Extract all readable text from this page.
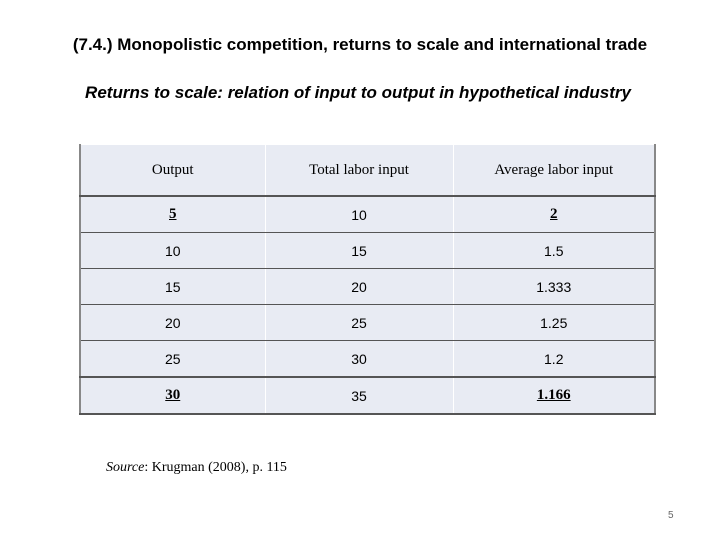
(7.4.) Monopolistic competition, returns to scale and international trade
Returns to scale: relation of input to output in hypothetical industry
Output	Total labor input	Average labor input
5	10	2
10	15	1.5
15	20	1.333
20	25	1.25
25	30	1.2
30	35	1.166
Source: Krugman (2008), p. 115
5
